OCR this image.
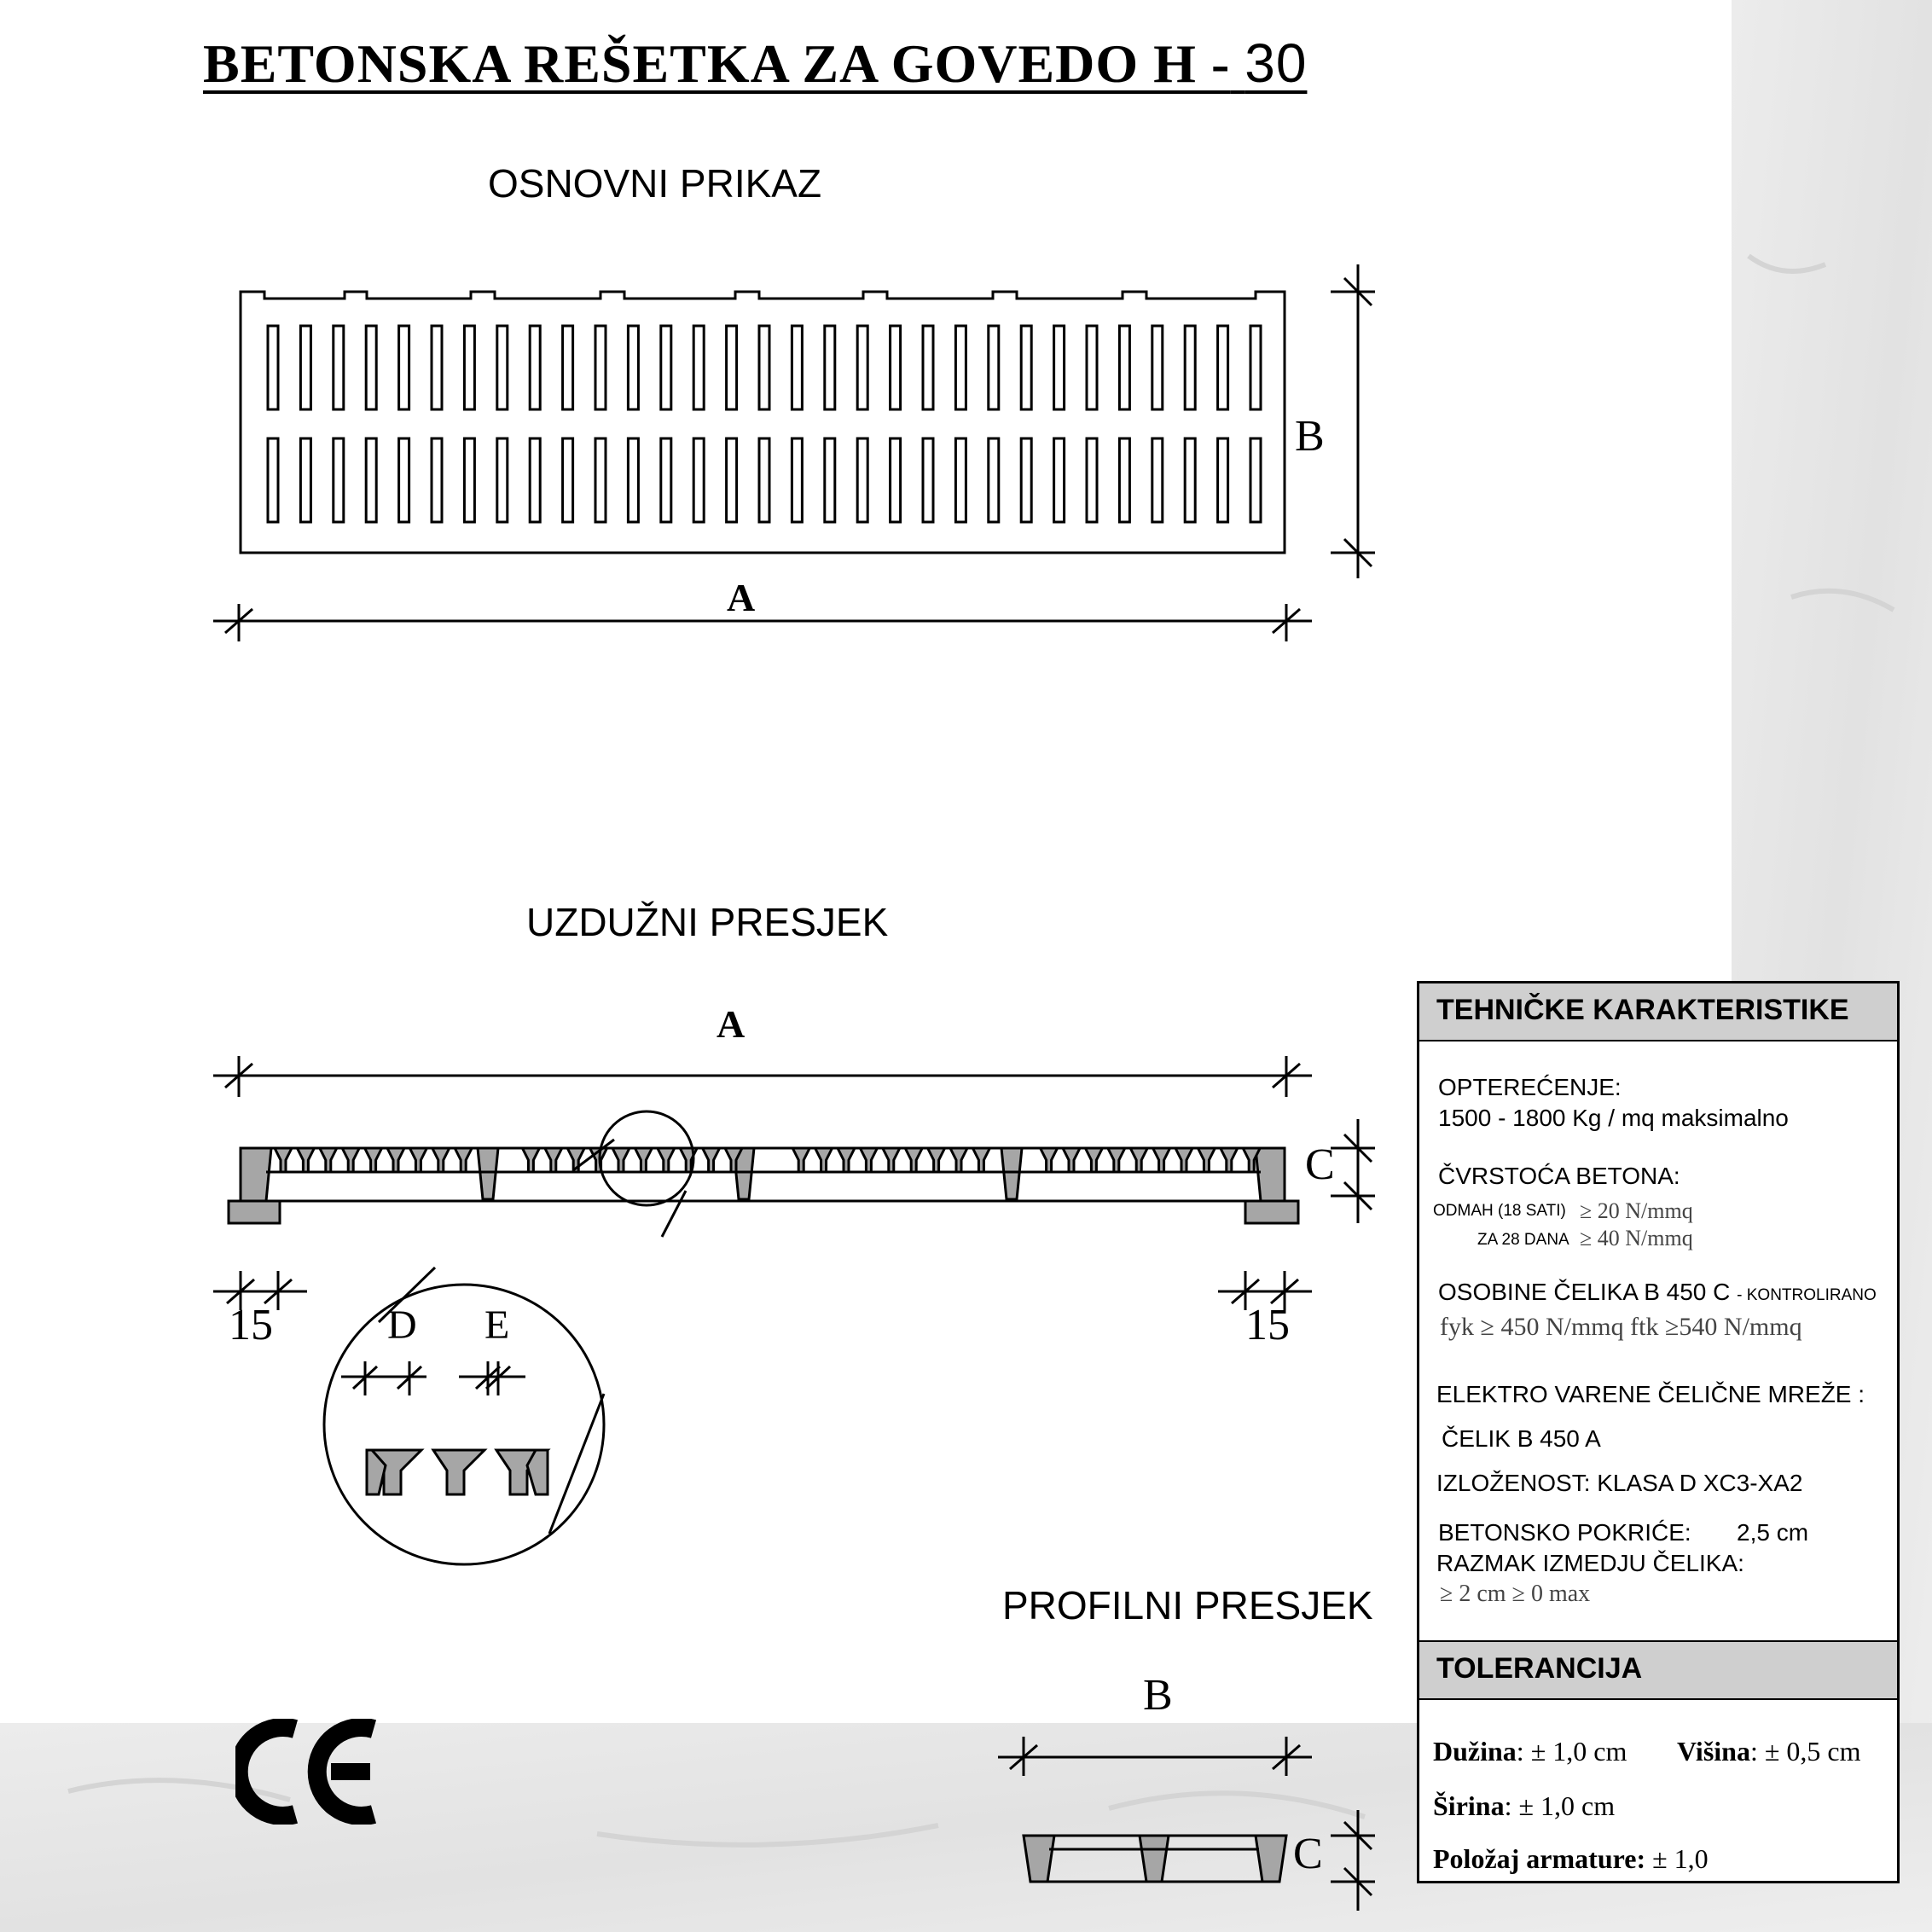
BETONSKA REŠETKA ZA GOVEDO H - 30
OSNOVNI PRIKAZ
UZDUŽNI PRESJEK
PROFILNI PRESJEK
A
B
A
C
15	15
D E
B
C
TEHNIČKE KARAKTERISTIKE
OPTEREĆENJE:
1500 - 1800 Kg / mq maksimalno
ČVRSTOĆA BETONA:
ODMAH (18 SATI) ≥ 20 N/mmq
ZA 28 DANA ≥ 40 N/mmq
OSOBINE ČELIKA B 450 C - KONTROLIRANO
fyk ≥ 450 N/mmq ftk ≥540 N/mmq
ELEKTRO VARENE ČELIČNE MREŽE :
ČELIK B 450 A
IZLOŽENOST: KLASA D XC3-XA2
BETONSKO POKRIĆE: 2,5 cm
RAZMAK IZMEDJU ČELIKA:
≥ 2 cm ≥ 0 max
TOLERANCIJA
Dužina: ± 1,0 cm Višina: ± 0,5 cm
Širina: ± 1,0 cm
Položaj armature: ± 1,0
